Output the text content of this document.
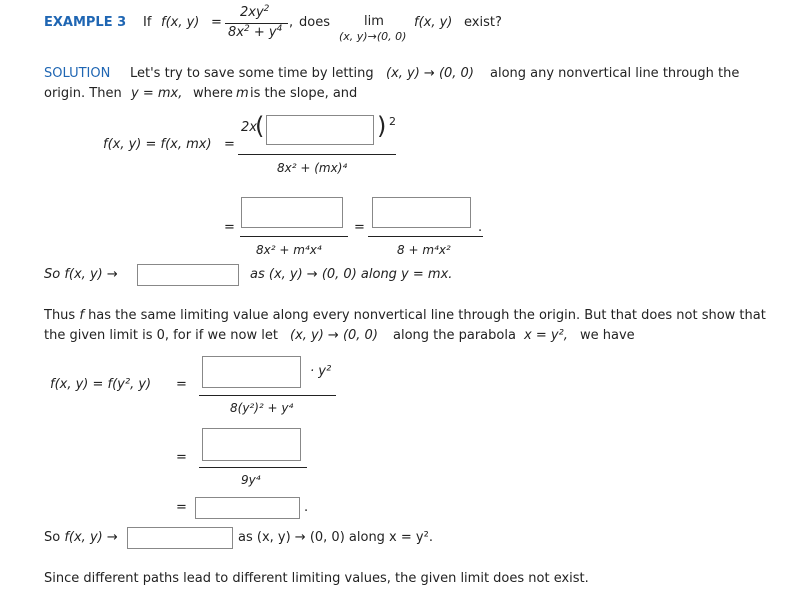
EXAMPLE 3 If f(x, y) =
$2xy^2$
$8x^2 + y^4$ , does	lim
(x, y)→(0, 0)
f(x, y) exist?
SOLUTION Let's try to save some time by letting (x, y) → (0, 0) along any nonvertical line through the
origin. Then y = mx, where m is the slope, and
f(x, y) = f(x, mx) =
2x
(	) 2
8x² + (mx)⁴
=
8x² + m⁴x⁴
=	.
8 + m⁴x²
So f(x, y) →	as (x, y) → (0, 0) along y = mx.
Thus f has the same limiting value along every nonvertical line through the origin. But that does not show that
the given limit is 0, for if we now let (x, y) → (0, 0) along the parabola x = y², we have
f(x, y) = f(y², y) =
· y²
8(y²)² + y⁴
=
9y⁴
=	.
So f(x, y) →	as (x, y) → (0, 0) along x = y².
Since different paths lead to different limiting values, the given limit does not exist.
